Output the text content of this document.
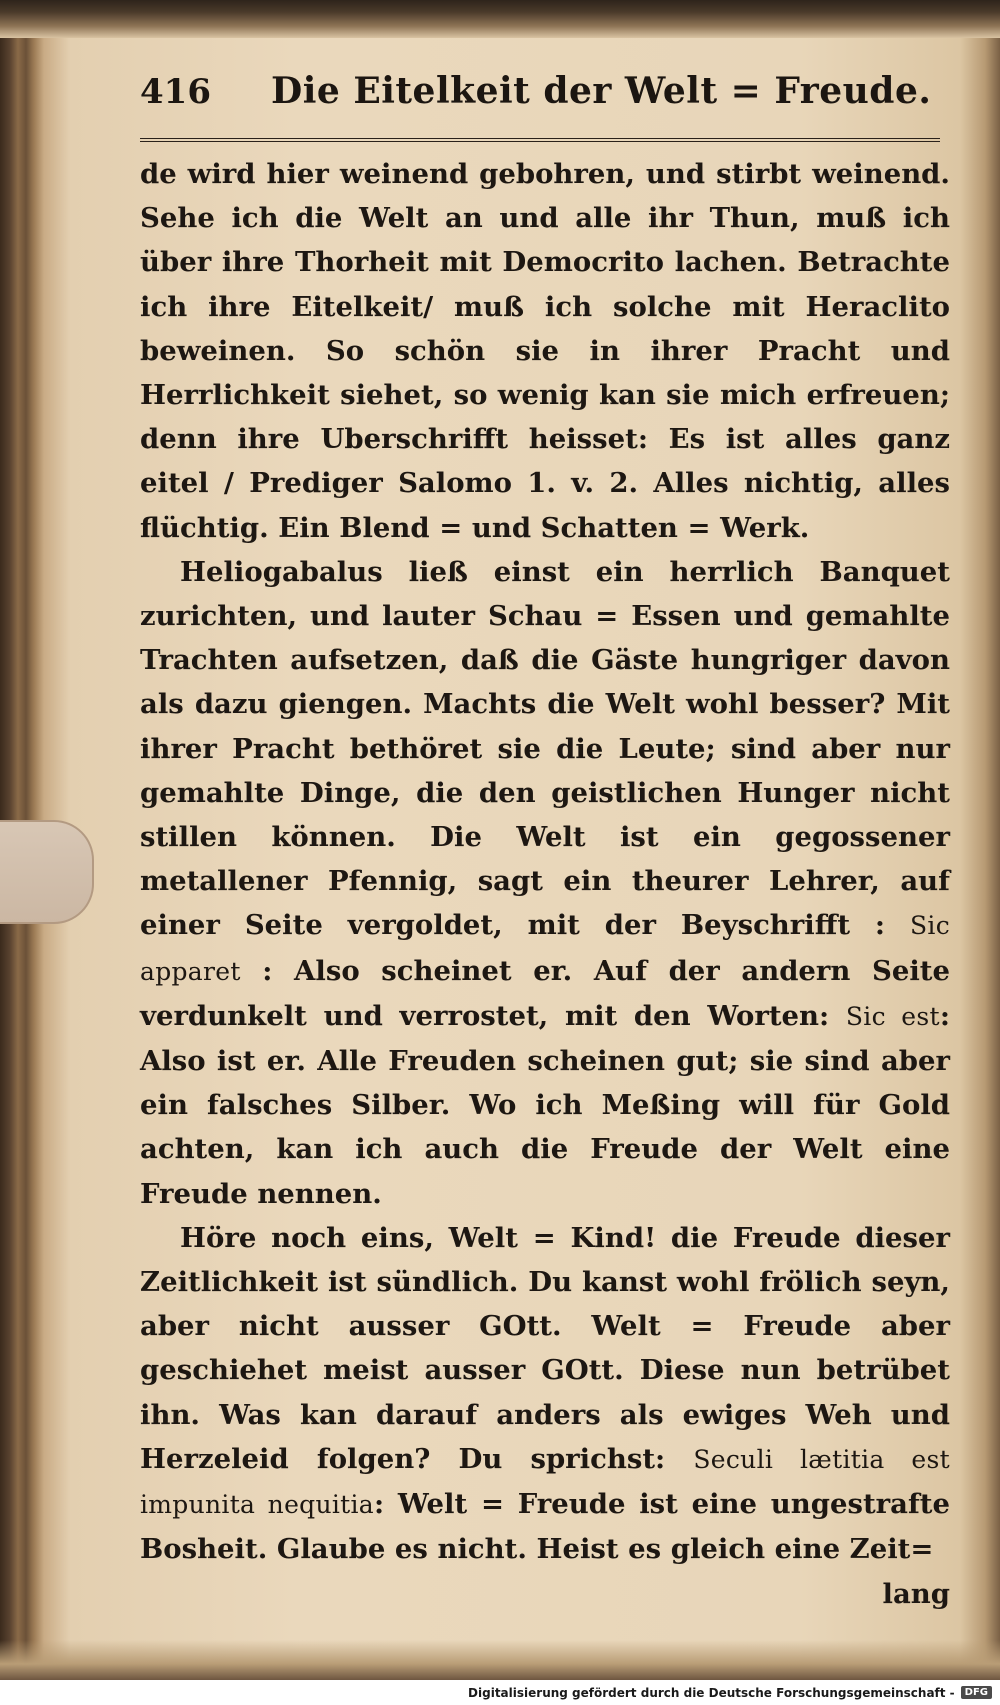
416 Die Eitelkeit der Welt = Freude.

de wird hier weinend gebohren, und stirbt weinend. Sehe ich die Welt an und alle ihr Thun, muß ich über ihre Thorheit mit Democrito lachen. Betrachte ich ihre Eitelkeit/ muß ich solche mit Heraclito beweinen. So schön sie in ihrer Pracht und Herrlichkeit siehet, so wenig kan sie mich erfreuen; denn ihre Uberschrifft heisset: Es ist alles ganz eitel / Prediger Salomo 1. v. 2. Alles nichtig, alles flüchtig. Ein Blend = und Schatten = Werk.

Heliogabalus ließ einst ein herrlich Banquet zurichten, und lauter Schau = Essen und gemahlte Trachten aufsetzen, daß die Gäste hungriger davon als dazu giengen. Machts die Welt wohl besser? Mit ihrer Pracht bethöret sie die Leute; sind aber nur gemahlte Dinge, die den geistlichen Hunger nicht stillen können. Die Welt ist ein gegossener metallener Pfennig, sagt ein theurer Lehrer, auf einer Seite vergoldet, mit der Beyschrifft : Sic apparet : Also scheinet er. Auf der andern Seite verdunkelt und verrostet, mit den Worten: Sic est: Also ist er. Alle Freuden scheinen gut; sie sind aber ein falsches Silber. Wo ich Meßing will für Gold achten, kan ich auch die Freude der Welt eine Freude nennen.

Höre noch eins, Welt = Kind! die Freude dieser Zeitlichkeit ist sündlich. Du kanst wohl frölich seyn, aber nicht ausser GOtt. Welt = Freude aber geschiehet meist ausser GOtt. Diese nun betrübet ihn. Was kan darauf anders als ewiges Weh und Herzeleid folgen? Du sprichst: Seculi lætitia est impunita nequitia: Welt = Freude ist eine ungestrafte Bosheit. Glaube es nicht. Heist es gleich eine Zeit=

lang
Digitalisierung gefördert durch die Deutsche Forschungsgemeinschaft -	DFG
